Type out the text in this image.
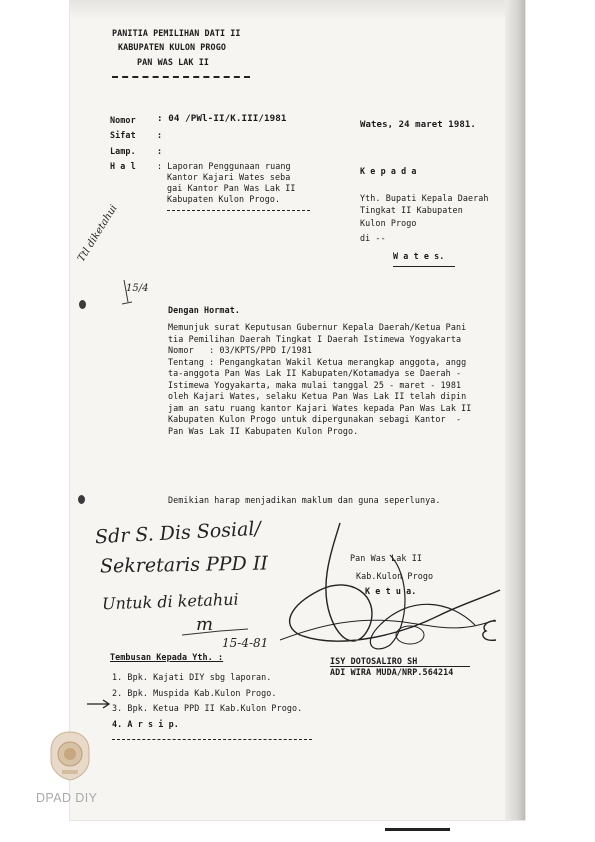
PANITIA PEMILIHAN DATI II
KABUPATEN KULON PROGO
PAN WAS LAK II
Nomor : 04 /PWl-II/K.III/1981
Sifat	:
Lamp.	:
H a l	: Laporan Penggunaan ruang
Kantor Kajari Wates seba
gai Kantor Pan Was Lak II
Kabupaten Kulon Progo.
Wates, 24 maret 1981.
K e p a d a
Yth. Bupati Kepala Daerah
Tingkat II Kabupaten
Kulon Progo
di --
W a t e s.
Ttl diketahui
15/4
Dengan Hormat.
Memunjuk surat Keputusan Gubernur Kepala Daerah/Ketua Pani
tia Pemilihan Daerah Tingkat I Daerah Istimewa Yogyakarta
Nomor   : 03/KPTS/PPD I/1981
Tentang : Pengangkatan Wakil Ketua merangkap anggota, angg
ta-anggota Pan Was Lak II Kabupaten/Kotamadya se Daerah -
Istimewa Yogyakarta, maka mulai tanggal 25 - maret - 1981
oleh Kajari Wates, selaku Ketua Pan Was Lak II telah dipin
jam an satu ruang kantor Kajari Wates kepada Pan Was Lak II
Kabupaten Kulon Progo untuk dipergunakan sebagi Kantor  -
Pan Was Lak II Kabupaten Kulon Progo.
Demikian harap menjadikan maklum dan guna seperlunya.
Sdr S. Dis Sosial/
Sekretaris PPD II
Untuk di ketahui
m
15-4-81
Pan Was Lak II
Kab.Kulon Progo
K e t u a.
ISY DOTOSALIRO SH
ADI WIRA MUDA/NRP.564214
Tembusan Kepada Yth. :
1. Bpk. Kajati DIY sbg laporan.
2. Bpk. Muspida Kab.Kulon Progo.
3. Bpk. Ketua PPD II Kab.Kulon Progo.
4. A r s i p.
DPAD DIY
